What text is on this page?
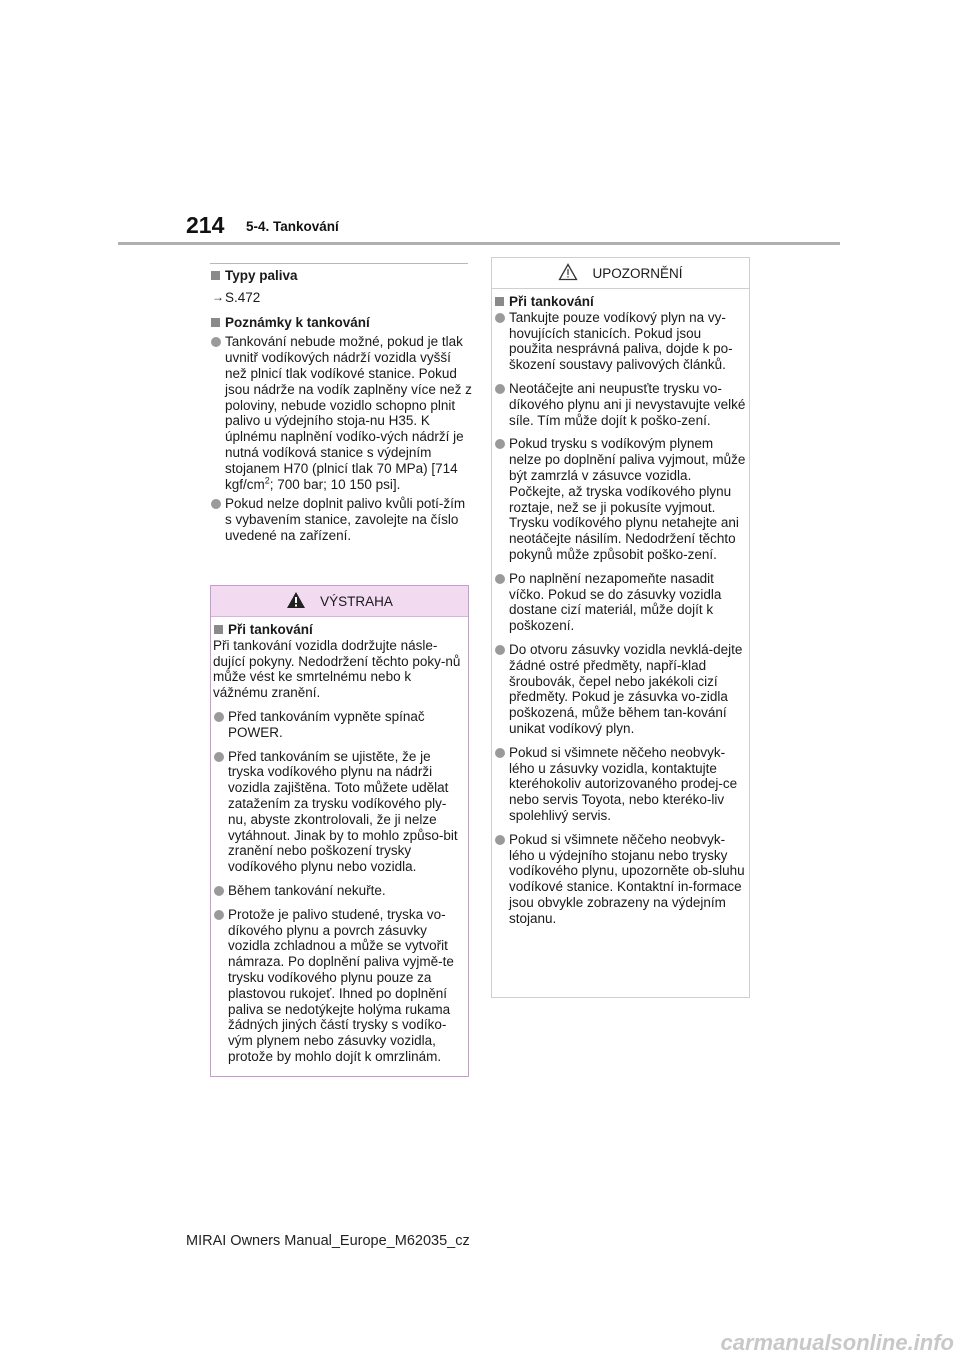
214 5-4. Tankování
Typy paliva
→ S.472
Poznámky k tankování
Tankování nebude možné, pokud je tlak uvnitř vodíkových nádrží vozidla vyšší než plnicí tlak vodíkové stanice. Pokud jsou nádrže na vodík zaplněny více než z poloviny, nebude vozidlo schopno plnit palivo u výdejního stoja-nu H35. K úplnému naplnění vodíko-vých nádrží je nutná vodíková stanice s výdejním stojanem H70 (plnicí tlak 70 MPa) [714 kgf/$cm^2$; 700 bar; 10 150 psi].
Pokud nelze doplnit palivo kvůli potí-žím s vybavením stanice, zavolejte na číslo uvedené na zařízení.
VÝSTRAHA
Při tankování
Při tankování vozidla dodržujte násle-dující pokyny. Nedodržení těchto poky-nů může vést ke smrtelnému nebo k vážnému zranění.
Před tankováním vypněte spínač POWER.
Před tankováním se ujistěte, že je tryska vodíkového plynu na nádrži vozidla zajištěna. Toto můžete udělat zatažením za trysku vodíkového ply-nu, abyste zkontrolovali, že ji nelze vytáhnout. Jinak by to mohlo způso-bit zranění nebo poškození trysky vodíkového plynu nebo vozidla.
Během tankování nekuřte.
Protože je palivo studené, tryska vo-díkového plynu a povrch zásuvky vozidla zchladnou a může se vytvořit námraza. Po doplnění paliva vyjmě-te trysku vodíkového plynu pouze za plastovou rukojeť. Ihned po doplnění paliva se nedotýkejte holýma rukama žádných jiných částí trysky s vodíko-vým plynem nebo zásuvky vozidla, protože by mohlo dojít k omrzlinám.
UPOZORNĚNÍ
Při tankování
Tankujte pouze vodíkový plyn na vy-hovujících stanicích. Pokud jsou použita nesprávná paliva, dojde k po-škození soustavy palivových článků.
Neotáčejte ani neupusťte trysku vo-díkového plynu ani ji nevystavujte velké síle. Tím může dojít k poško-zení.
Pokud trysku s vodíkovým plynem nelze po doplnění paliva vyjmout, může být zamrzlá v zásuvce vozidla. Počkejte, až tryska vodíkového plynu roztaje, než se ji pokusíte vyjmout. Trysku vodíkového plynu netahejte ani neotáčejte násilím. Nedodržení těchto pokynů může způsobit poško-zení.
Po naplnění nezapomeňte nasadit víčko. Pokud se do zásuvky vozidla dostane cizí materiál, může dojít k poškození.
Do otvoru zásuvky vozidla nevklá-dejte žádné ostré předměty, napří-klad šroubovák, čepel nebo jakékoli cizí předměty. Pokud je zásuvka vo-zidla poškozená, může během tan-kování unikat vodíkový plyn.
Pokud si všimnete něčeho neobvyk-lého u zásuvky vozidla, kontaktujte kteréhokoliv autorizovaného prodej-ce nebo servis Toyota, nebo kteréko-liv spolehlivý servis.
Pokud si všimnete něčeho neobvyk-lého u výdejního stojanu nebo trysky vodíkového plynu, upozorněte ob-sluhu vodíkové stanice. Kontaktní in-formace jsou obvykle zobrazeny na výdejním stojanu.
MIRAI Owners Manual_Europe_M62035_cz
carmanualsonline.info
